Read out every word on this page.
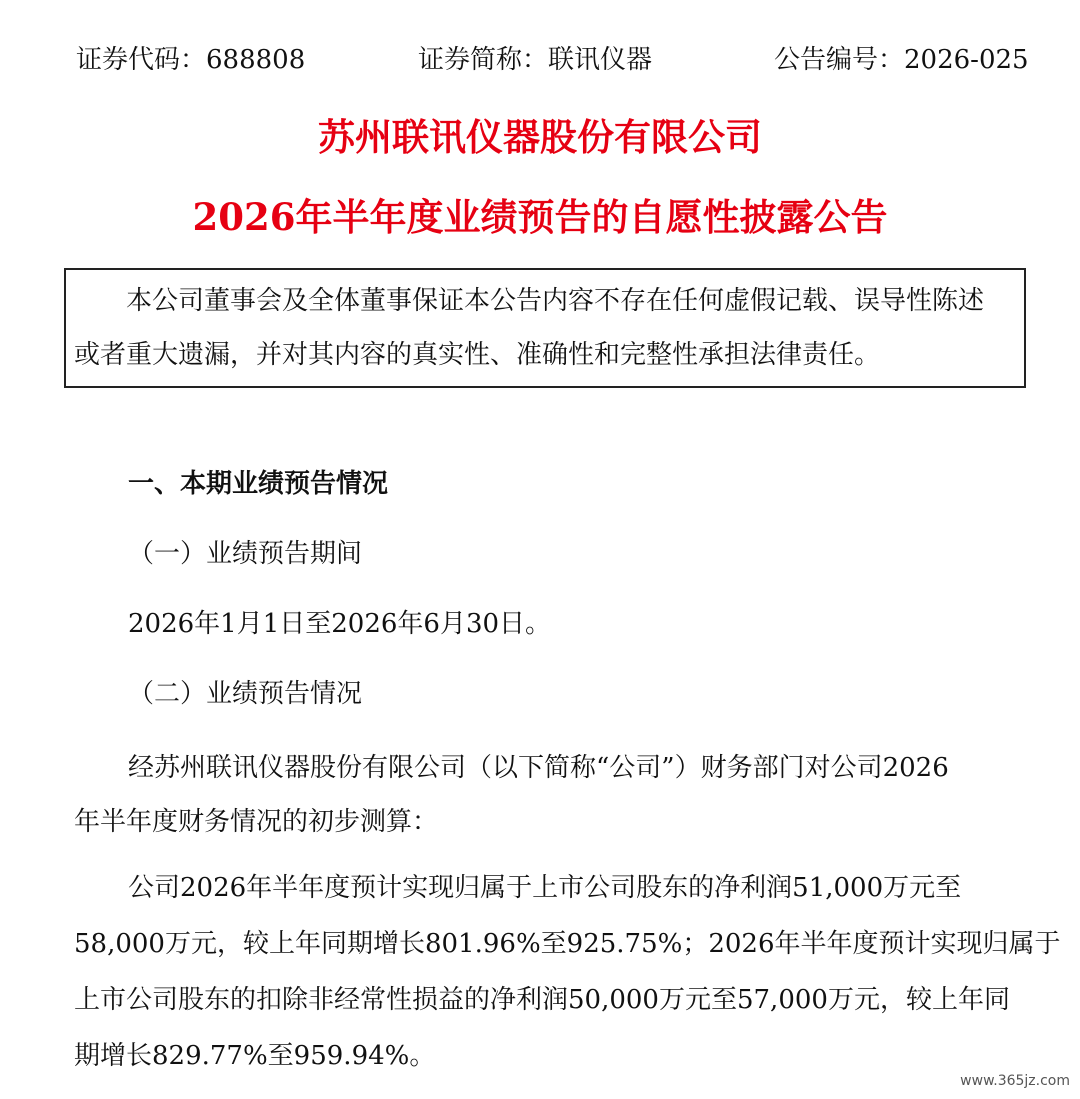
证券代码：688808	证券简称：联讯仪器	公告编号：2026-025
苏州联讯仪器股份有限公司
2026年半年度业绩预告的自愿性披露公告

本公司董事会及全体董事保证本公告内容不存在任何虚假记载、误导性陈述

或者重大遗漏，并对其内容的真实性、准确性和完整性承担法律责任。

一、本期业绩预告情况

（一）业绩预告期间

2026年1月1日至2026年6月30日。

（二）业绩预告情况

经苏州联讯仪器股份有限公司（以下简称“公司”）财务部门对公司2026

年半年度财务情况的初步测算：

公司2026年半年度预计实现归属于上市公司股东的净利润51,000万元至

58,000万元，较上年同期增长801.96%至925.75%；2026年半年度预计实现归属于

上市公司股东的扣除非经常性损益的净利润50,000万元至57,000万元，较上年同

期增长829.77%至959.94%。

www.365jz.com
